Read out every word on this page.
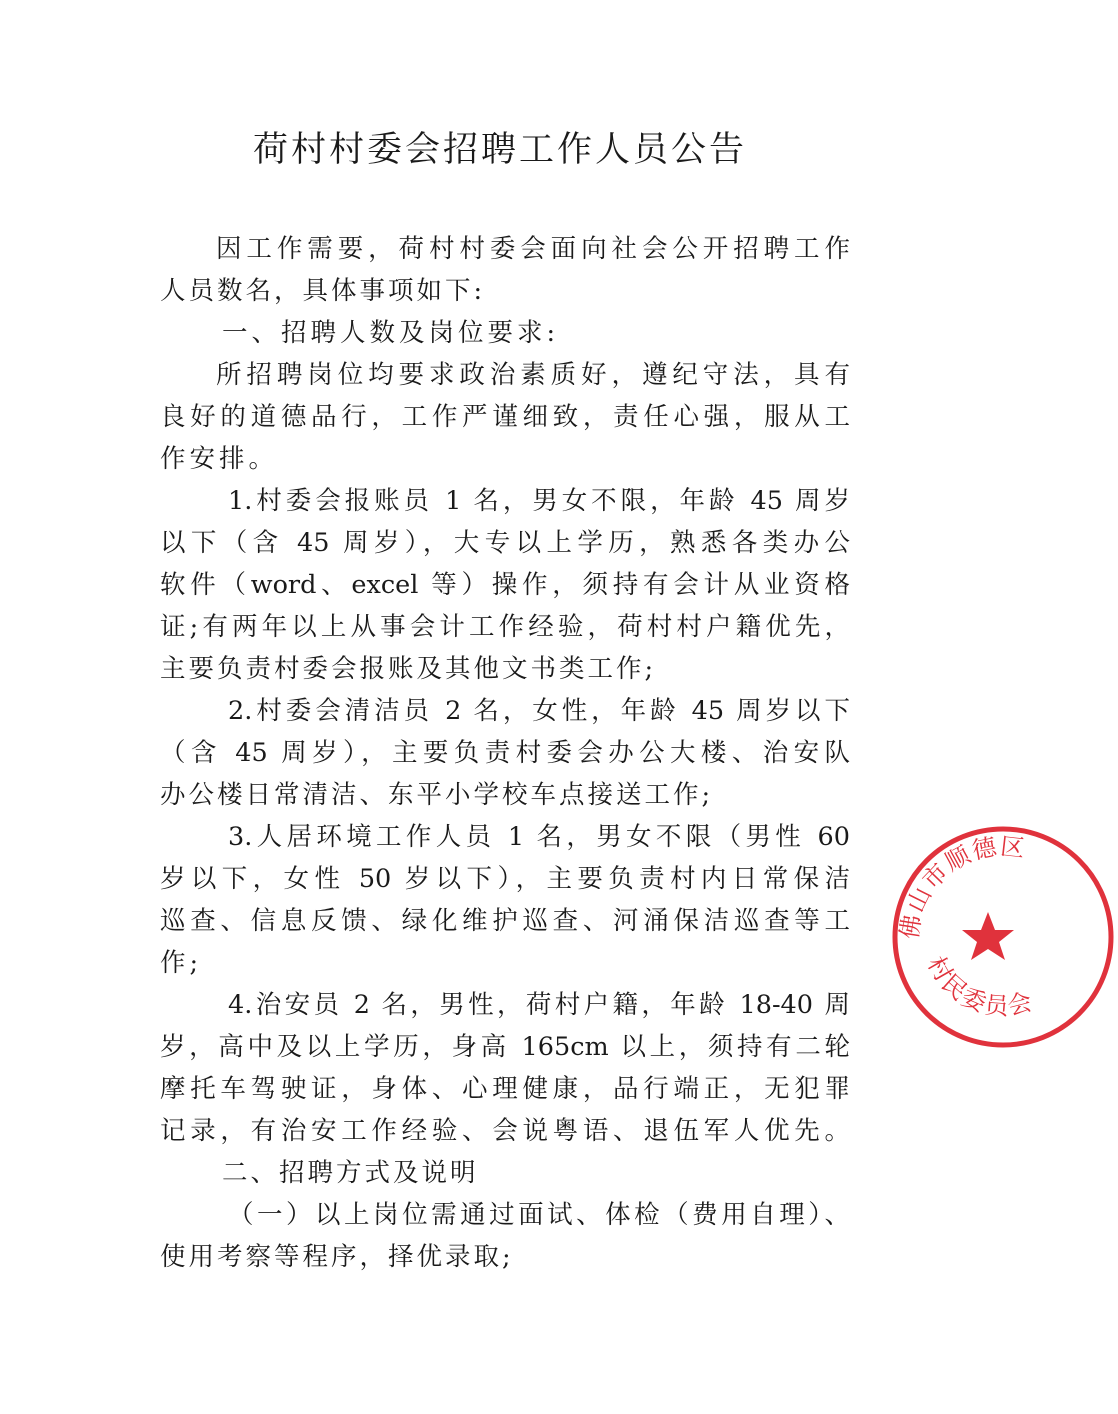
荷村村委会招聘工作人员公告
因工作需要，荷村村委会面向社会公开招聘工作
人员数名，具体事项如下:
一、招聘人数及岗位要求:
所招聘岗位均要求政治素质好，遵纪守法，具有
良好的道德品行，工作严谨细致，责任心强，服从工
作安排。
1.村委会报账员 1 名，男女不限，年龄 45 周岁
以下（含 45 周岁），大专以上学历，熟悉各类办公
软件（word、excel 等）操作，须持有会计从业资格
证;有两年以上从事会计工作经验，荷村村户籍优先，
主要负责村委会报账及其他文书类工作;
2.村委会清洁员 2 名，女性，年龄 45 周岁以下
（含 45 周岁），主要负责村委会办公大楼、治安队
办公楼日常清洁、东平小学校车点接送工作;
3.人居环境工作人员 1 名，男女不限（男性 60
岁以下，女性 50 岁以下），主要负责村内日常保洁
巡查、信息反馈、绿化维护巡查、河涌保洁巡查等工
作;
4.治安员 2 名，男性，荷村户籍，年龄 18-40 周
岁，高中及以上学历，身高 165cm 以上，须持有二轮
摩托车驾驶证，身体、心理健康，品行端正，无犯罪
记录，有治安工作经验、会说粤语、退伍军人优先。
二、招聘方式及说明
（一）以上岗位需通过面试、体检（费用自理）、
使用考察等程序，择优录取;
佛山市顺德区
村民委员会
